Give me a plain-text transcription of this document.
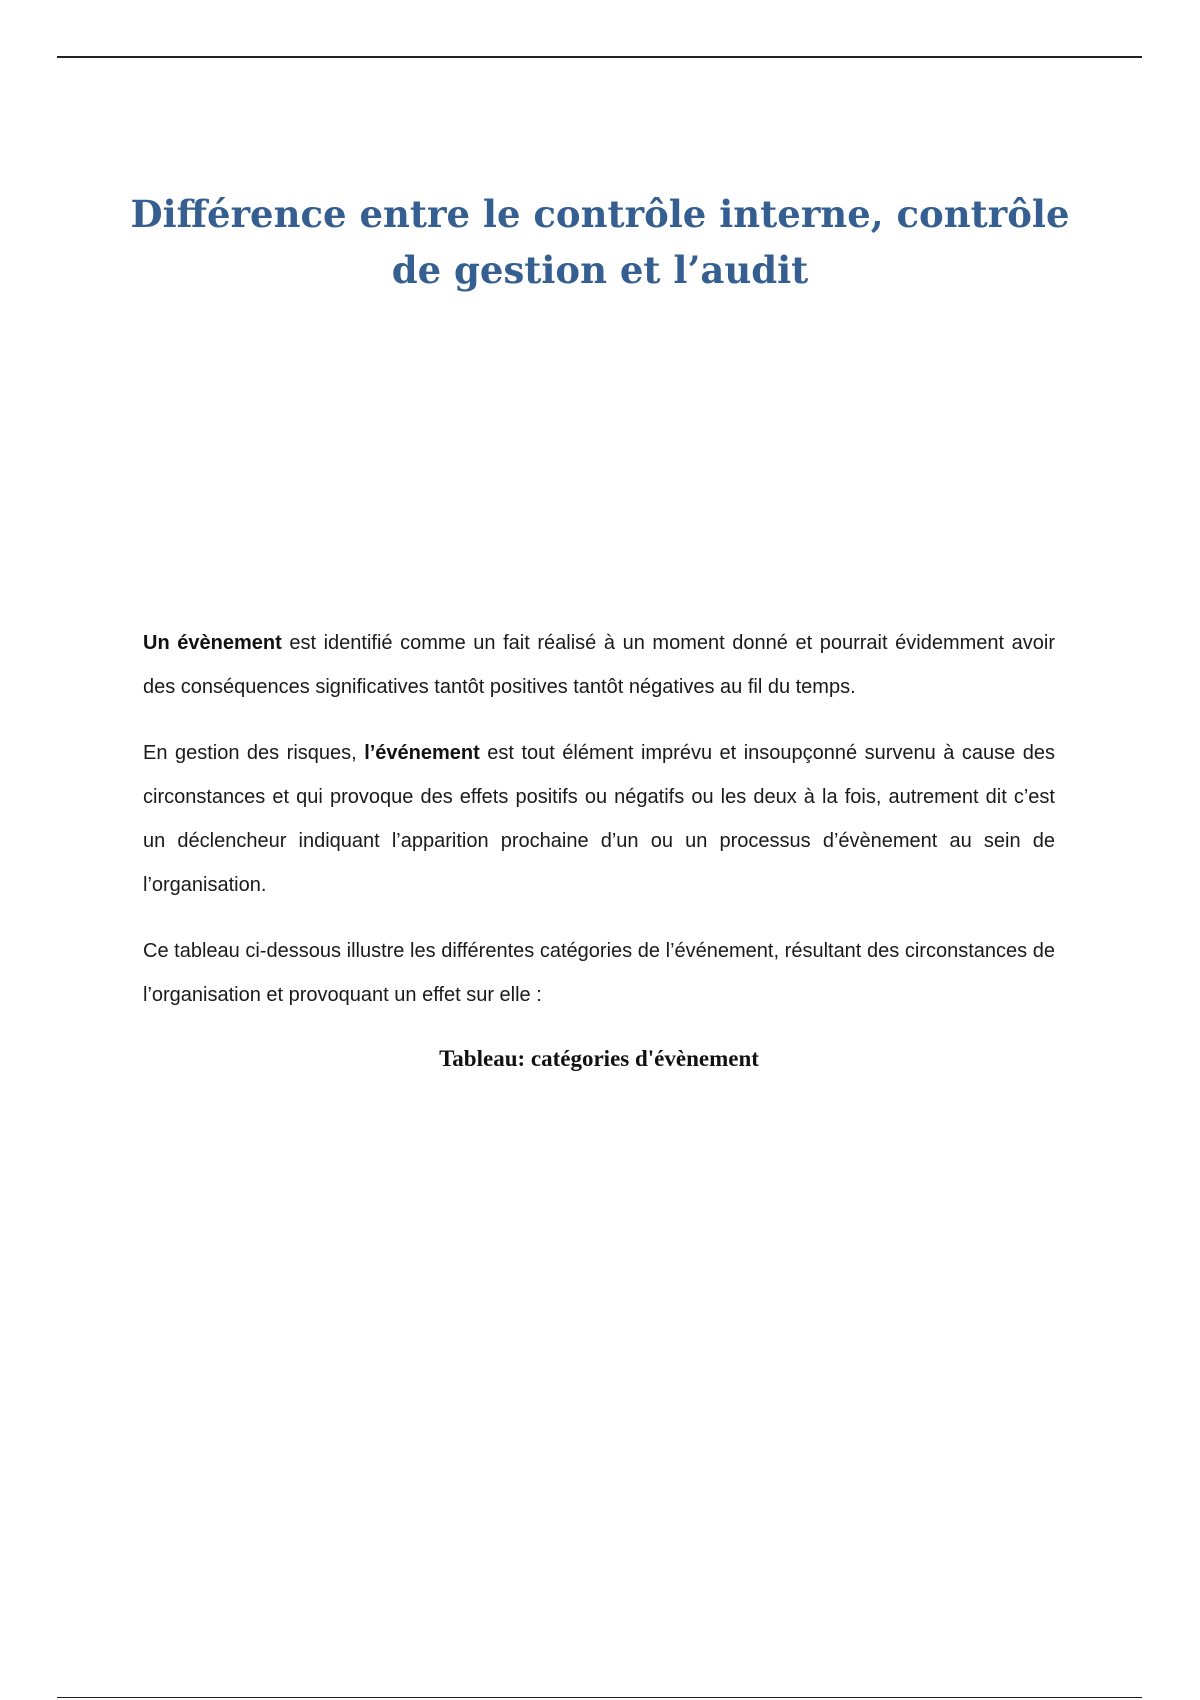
Différence entre le contrôle interne, contrôle de gestion et l’audit

Un évènement est identifié comme un fait réalisé à un moment donné et pourrait évidemment avoir des conséquences significatives tantôt positives tantôt négatives au fil du temps.

En gestion des risques, l’événement est tout élément imprévu et insoupçonné survenu à cause des circonstances et qui provoque des effets positifs ou négatifs ou les deux à la fois, autrement dit c’est un déclencheur indiquant l’apparition prochaine d’un ou un processus d’évènement au sein de l’organisation.

Ce tableau ci-dessous illustre les différentes catégories de l’événement, résultant des circonstances de l’organisation et provoquant un effet sur elle :

Tableau: catégories d'évènement
